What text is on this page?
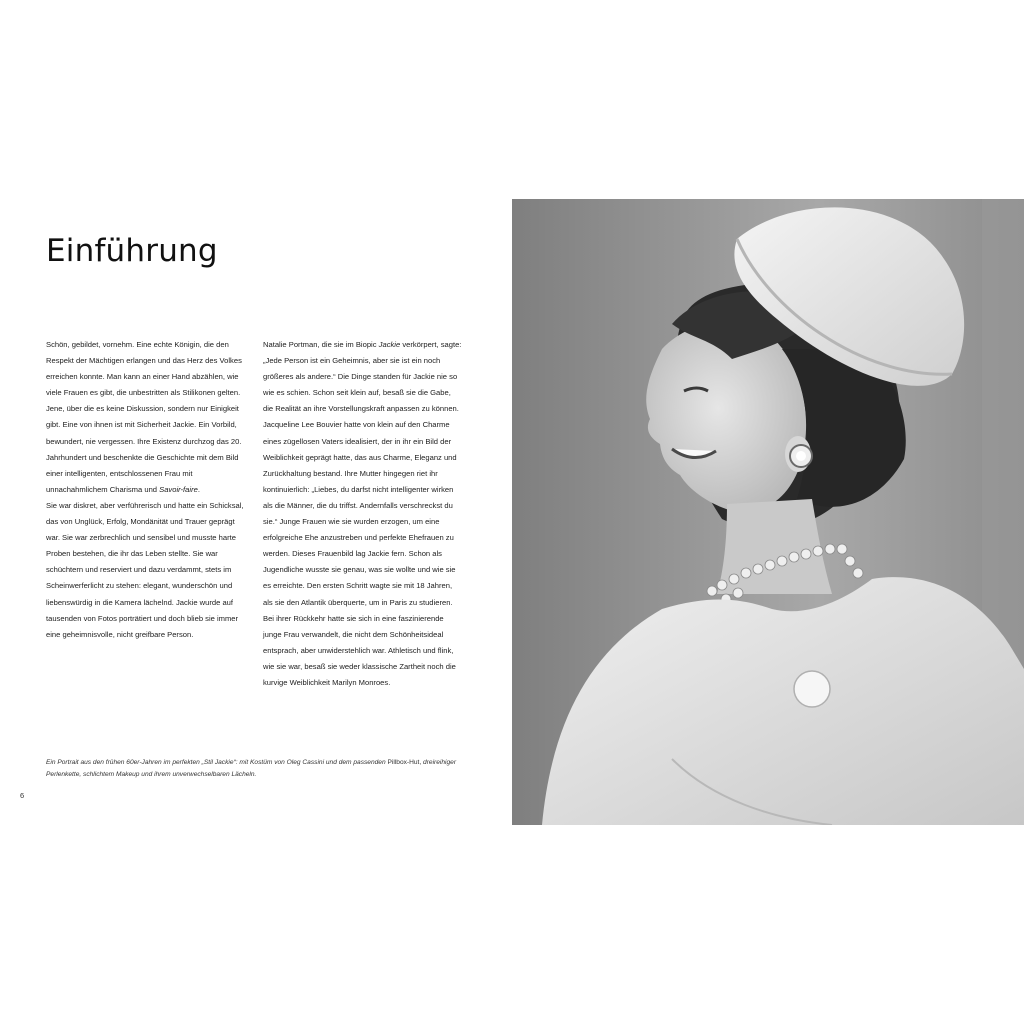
Einführung

Schön, gebildet, vornehm. Eine echte Königin, die den Respekt der Mächtigen erlangen und das Herz des Volkes erreichen konnte. Man kann an einer Hand abzählen, wie viele Frauen es gibt, die unbestritten als Stilikonen gelten. Jene, über die es keine Diskussion, sondern nur Einigkeit gibt. Eine von ihnen ist mit Sicherheit Jackie. Ein Vorbild, bewundert, nie vergessen. Ihre Existenz durchzog das 20. Jahrhundert und beschenkte die Geschichte mit dem Bild einer intelligenten, entschlossenen Frau mit unnachahmlichem Charisma und Savoir-faire.

Sie war diskret, aber verführerisch und hatte ein Schicksal, das von Unglück, Erfolg, Mondänität und Trauer geprägt war. Sie war zerbrechlich und sensibel und musste harte Proben bestehen, die ihr das Leben stellte. Sie war schüchtern und reserviert und dazu verdammt, stets im Scheinwerferlicht zu stehen: elegant, wunderschön und liebenswürdig in die Kamera lächelnd. Jackie wurde auf tausenden von Fotos porträtiert und doch blieb sie immer eine geheimnisvolle, nicht greifbare Person.

Natalie Portman, die sie im Biopic Jackie verkörpert, sagte: „Jede Person ist ein Geheimnis, aber sie ist ein noch größeres als andere.“ Die Dinge standen für Jackie nie so wie es schien. Schon seit klein auf, besaß sie die Gabe, die Realität an ihre Vorstellungskraft anpassen zu können. Jacqueline Lee Bouvier hatte von klein auf den Charme eines zügellosen Vaters idealisiert, der in ihr ein Bild der Weiblichkeit geprägt hatte, das aus Charme, Eleganz und Zurückhaltung bestand. Ihre Mutter hingegen riet ihr kontinuierlich: „Liebes, du darfst nicht intelligenter wirken als die Männer, die du triffst. Andernfalls verschreckst du sie.“ Junge Frauen wie sie wurden erzogen, um eine erfolgreiche Ehe anzustreben und perfekte Ehefrauen zu werden. Dieses Frauenbild lag Jackie fern. Schon als Jugendliche wusste sie genau, was sie wollte und wie sie es erreichte. Den ersten Schritt wagte sie mit 18 Jahren, als sie den Atlantik überquerte, um in Paris zu studieren. Bei ihrer Rückkehr hatte sie sich in eine faszinierende junge Frau verwandelt, die nicht dem Schönheitsideal entsprach, aber unwiderstehlich war. Athletisch und flink, wie sie war, besaß sie weder klassische Zartheit noch die kurvige Weiblichkeit Marilyn Monroes.

Ein Portrait aus den frühen 60er-Jahren im perfekten „Stil Jackie“: mit Kostüm von Oleg Cassini und dem passenden Pillbox-Hut, dreireihiger Perlenkette, schlichtem Makeup und ihrem unverwechselbaren Lächeln.
6
